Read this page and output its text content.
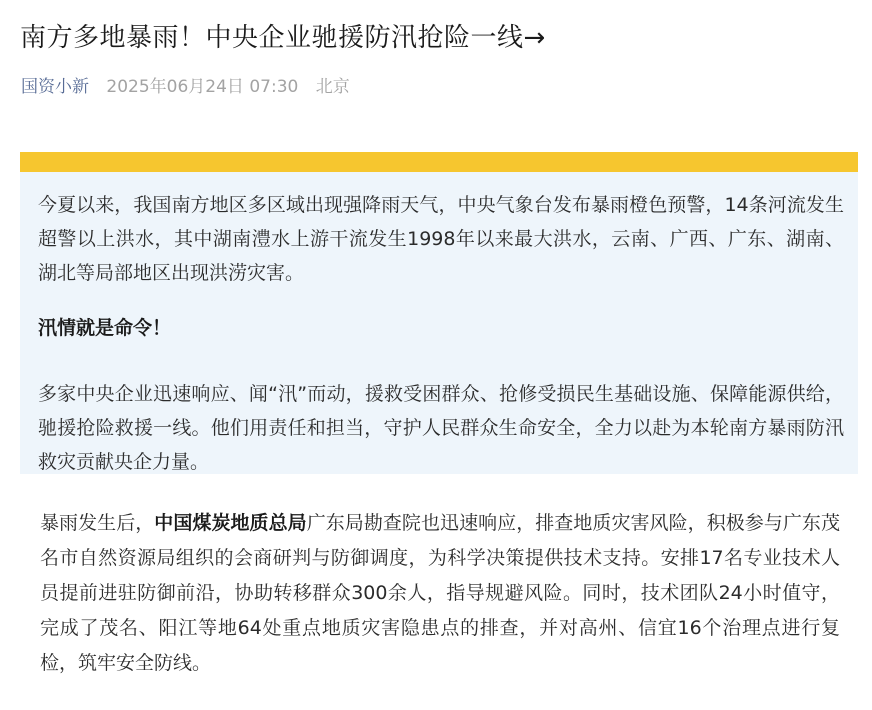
南方多地暴雨！中央企业驰援防汛抢险一线→
国资小新 2025年06月24日 07:30 北京

今夏以来，我国南方地区多区域出现强降雨天气，中央气象台发布暴雨橙色预警，14条河流发生超警以上洪水，其中湖南澧水上游干流发生1998年以来最大洪水，云南、广西、广东、湖南、湖北等局部地区出现洪涝灾害。

汛情就是命令！

多家中央企业迅速响应、闻“汛”而动，援救受困群众、抢修受损民生基础设施、保障能源供给，驰援抢险救援一线。他们用责任和担当，守护人民群众生命安全，全力以赴为本轮南方暴雨防汛救灾贡献央企力量。

暴雨发生后，中国煤炭地质总局广东局勘查院也迅速响应，排查地质灾害风险，积极参与广东茂名市自然资源局组织的会商研判与防御调度，为科学决策提供技术支持。安排17名专业技术人员提前进驻防御前沿，协助转移群众300余人，指导规避风险。同时，技术团队24小时值守，完成了茂名、阳江等地64处重点地质灾害隐患点的排查，并对高州、信宜16个治理点进行复检，筑牢安全防线。
